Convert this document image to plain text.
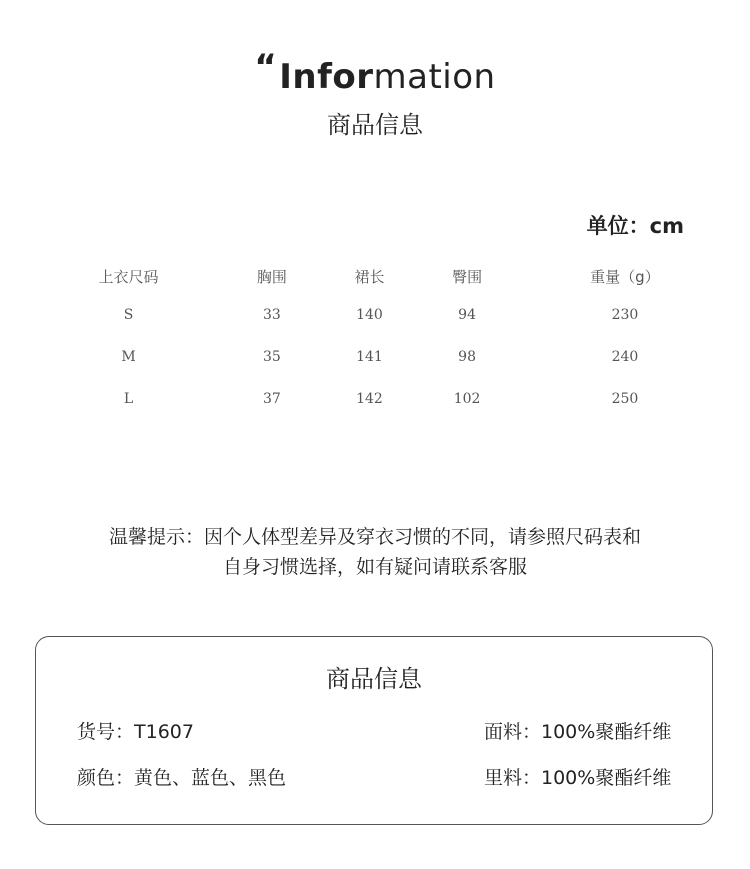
“Information
商品信息
单位：cm
上衣尺码	胸围	裙长	臀围	重量（g）
S	33	140	94	230
M	35	141	98	240
L	37	142	102	250
温馨提示：因个人体型差异及穿衣习惯的不同，请参照尺码表和
自身习惯选择，如有疑问请联系客服
商品信息
货号：T1607	面料：100%聚酯纤维
颜色：黄色、蓝色、黑色	里料：100%聚酯纤维
